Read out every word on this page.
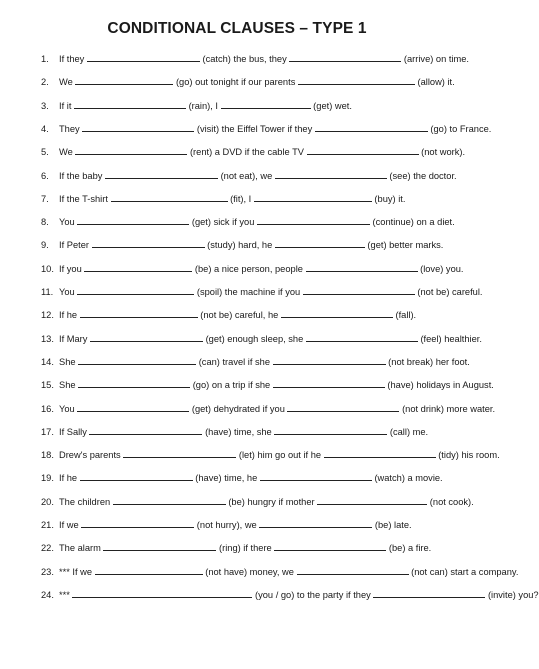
CONDITIONAL CLAUSES – TYPE 1
1. If they	(catch) the bus, they	(arrive) on time.
2. We	(go) out tonight if our parents	(allow) it.
3. If it	(rain), I	(get) wet.
4. They	(visit) the Eiffel Tower if they	(go) to France.
5. We	(rent) a DVD if the cable TV	(not work).
6. If the baby	(not eat), we	(see) the doctor.
7. If the T-shirt	(fit), I	(buy) it.
8. You	(get) sick if you	(continue) on a diet.
9. If Peter	(study) hard, he	(get) better marks.
10. If you	(be) a nice person, people	(love) you.
11. You	(spoil) the machine if you	(not be) careful.
12. If he	(not be) careful, he	(fall).
13. If Mary	(get) enough sleep, she	(feel) healthier.
14. She	(can) travel if she	(not break) her foot.
15. She	(go) on a trip if she	(have) holidays in August.
16. You	(get) dehydrated if you	(not drink) more water.
17. If Sally	(have) time, she	(call) me.
18. Drew's parents	(let) him go out if he	(tidy) his room.
19. If he	(have) time, he	(watch) a movie.
20. The children	(be) hungry if mother	(not cook).
21. If we	(not hurry), we	(be) late.
22. The alarm	(ring) if there	(be) a fire.
23. *** If we	(not have) money, we	(not can) start a company.
24. ***	(you / go) to the party if they	(invite) you?
